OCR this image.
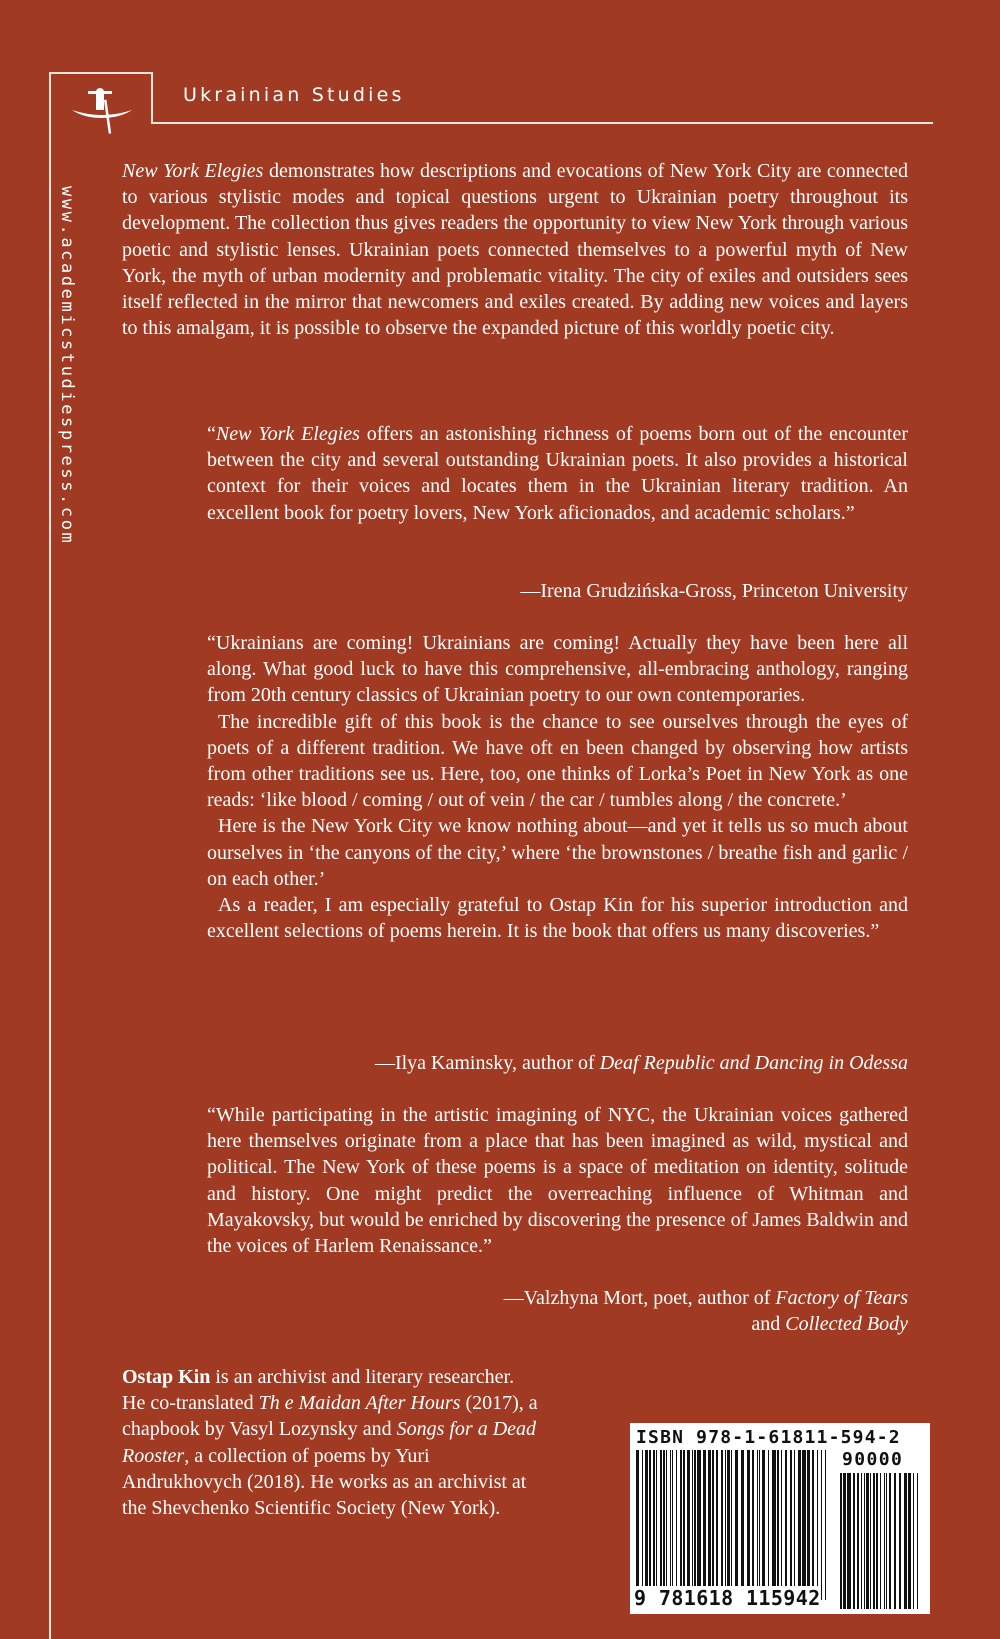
Ukrainian Studies
www.academicstudiespress.com

New York Elegies demonstrates how descriptions and evocations of New York City are connected to various stylistic modes and topical questions urgent to Ukrainian poetry throughout its development. The collection thus gives readers the opportunity to view New York through various poetic and stylistic lenses. Ukrainian poets connected themselves to a powerful myth of New York, the myth of urban modernity and problematic vitality. The city of exiles and outsiders sees itself reflected in the mirror that newcomers and exiles created. By adding new voices and layers to this amalgam, it is possible to observe the expanded picture of this worldly poetic city.

“New York Elegies offers an astonishing richness of poems born out of the encounter between the city and several outstanding Ukrainian poets. It also provides a historical context for their voices and locates them in the Ukrainian literary tradition. An excellent book for poetry lovers, New York aficionados, and academic scholars.”

—Irena Grudzińska-Gross, Princeton University

“Ukrainians are coming! Ukrainians are coming! Actually they have been here all along. What good luck to have this comprehensive, all-embracing anthology, ranging from 20th century classics of Ukrainian poetry to our own contemporaries.

The incredible gift of this book is the chance to see ourselves through the eyes of poets of a different tradition. We have oft en been changed by observing how artists from other traditions see us. Here, too, one thinks of Lorka’s Poet in New York as one reads: ‘like blood / coming / out of vein / the car / tumbles along / the concrete.’

Here is the New York City we know nothing about—and yet it tells us so much about ourselves in ‘the canyons of the city,’ where ‘the brownstones / breathe fish and garlic / on each other.’

As a reader, I am especially grateful to Ostap Kin for his superior introduction and excellent selections of poems herein. It is the book that offers us many discoveries.”

—Ilya Kaminsky, author of Deaf Republic and Dancing in Odessa

“While participating in the artistic imagining of NYC, the Ukrainian voices gathered here themselves originate from a place that has been imagined as wild, mystical and political. The New York of these poems is a space of meditation on identity, solitude and history. One might predict the overreaching influence of Whitman and Mayakovsky, but would be enriched by discovering the presence of James Baldwin and the voices of Harlem Renaissance.”

—Valzhyna Mort, poet, author of Factory of Tears
and Collected Body

Ostap Kin is an archivist and literary researcher. He co-translated Th e Maidan After Hours (2017), a chapbook by Vasyl Lozynsky and Songs for a Dead Rooster, a collection of poems by Yuri Andrukhovych (2018). He works as an archivist at the Shevchenko Scientific Society (New York).

ISBN 978-1-61811-594-2
90000
9 781618 115942
